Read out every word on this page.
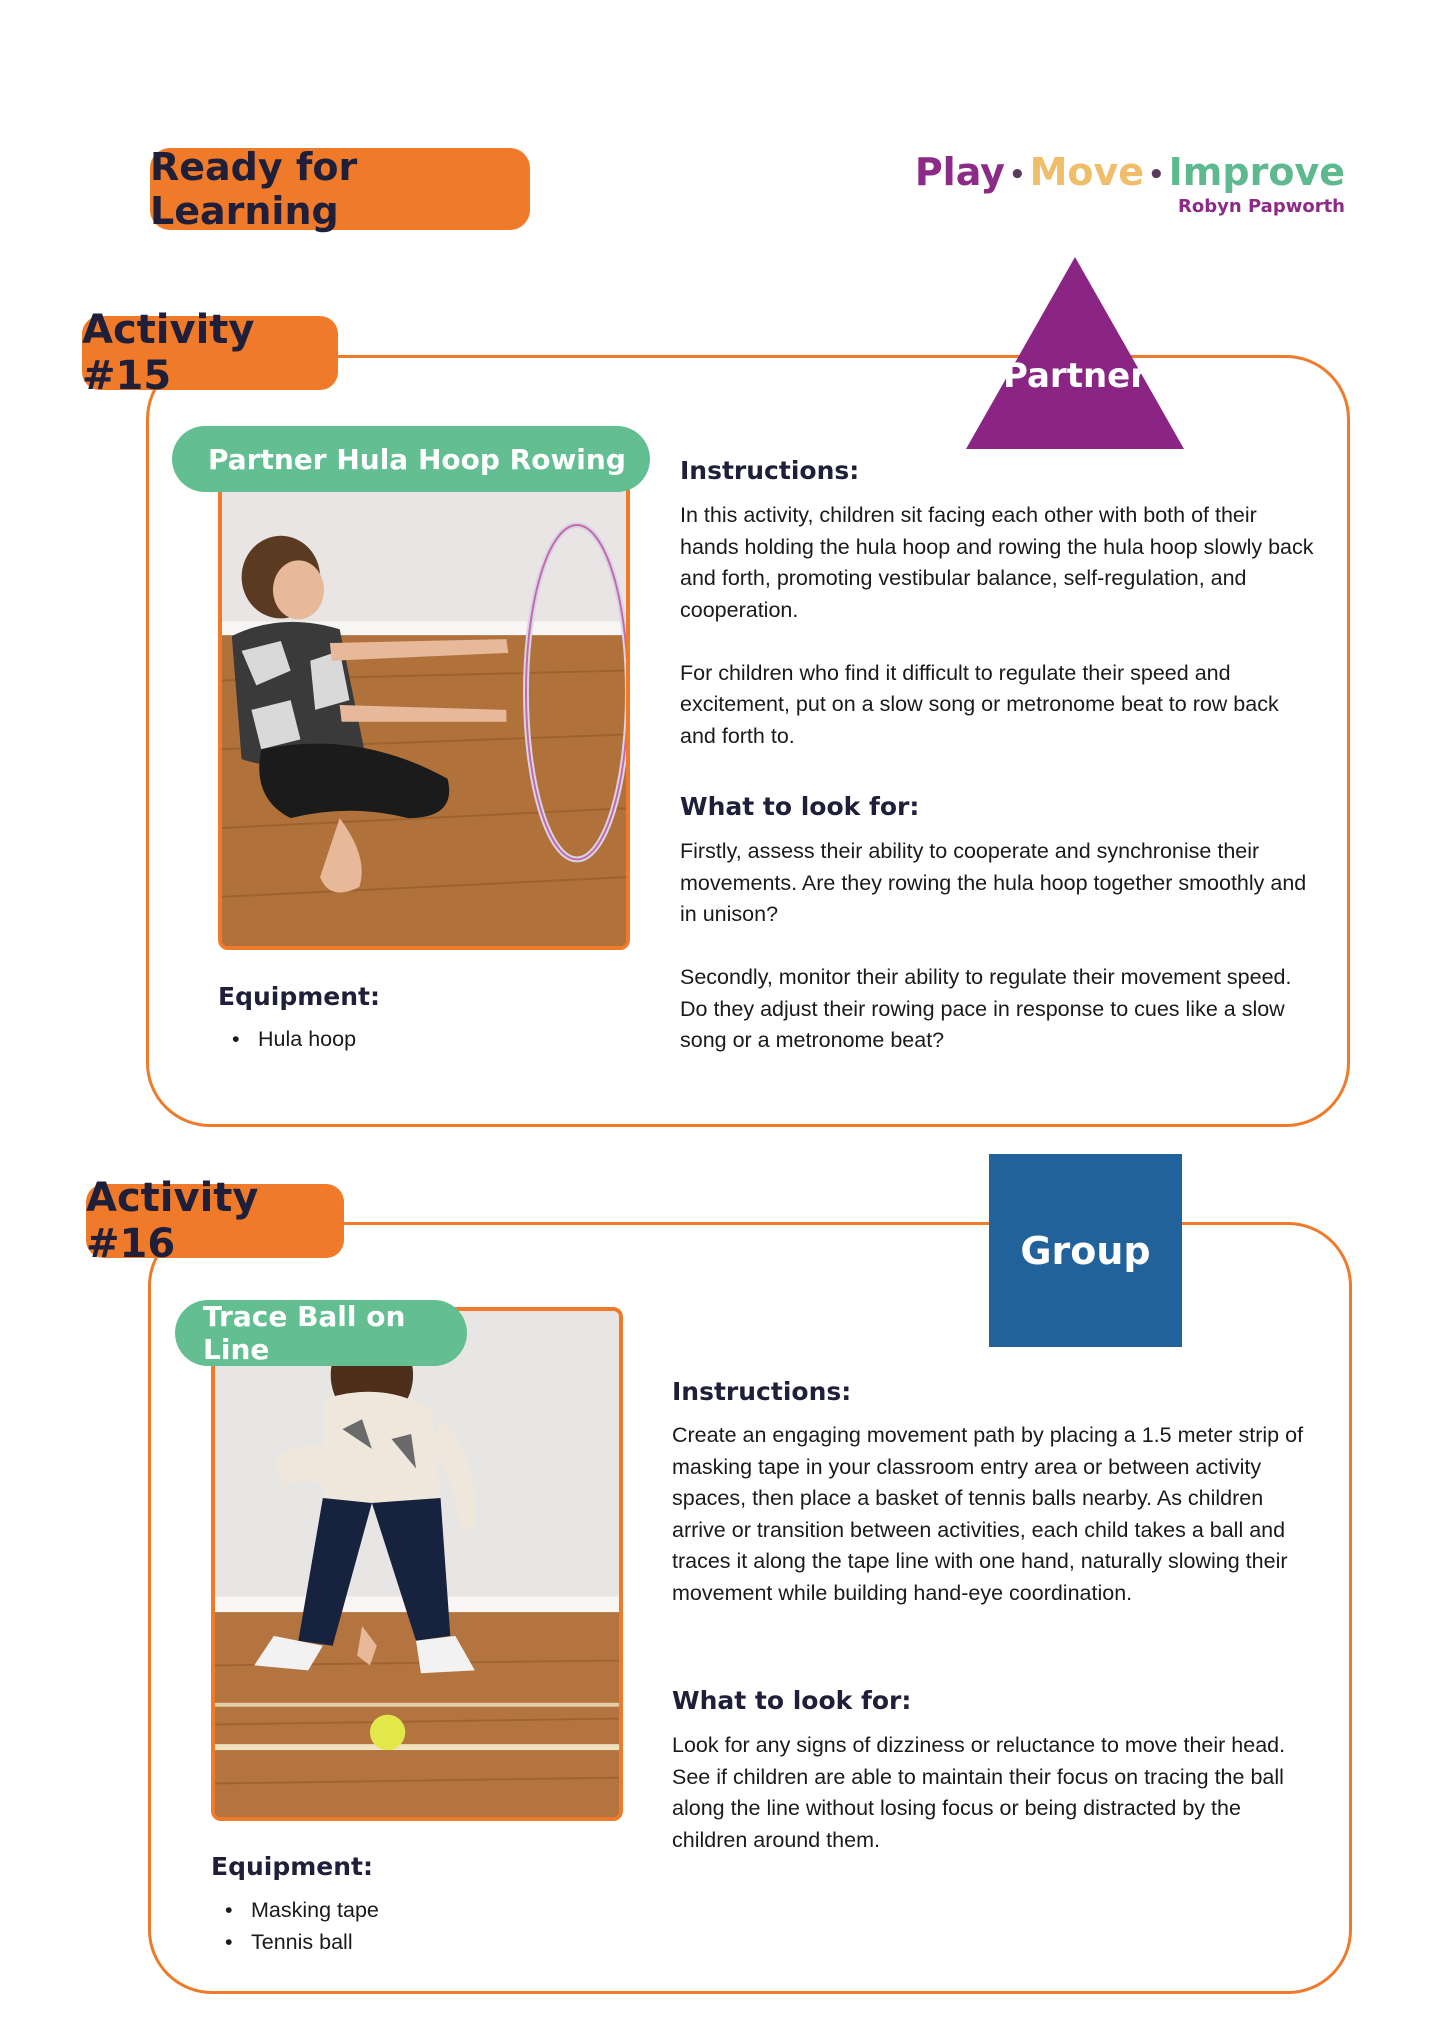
Ready for Learning
Play • Move • Improve
Robyn Papworth
Activity #15	Partner
Partner Hula Hoop Rowing Instructions:

In this activity, children sit facing each other with both of their hands holding the hula hoop and rowing the hula hoop slowly back and forth, promoting vestibular balance, self-regulation, and cooperation.

For children who find it difficult to regulate their speed and excitement, put on a slow song or metronome beat to row back and forth to.

What to look for:

Firstly, assess their ability to cooperate and synchronise their movements. Are they rowing the hula hoop together smoothly and in unison?

Secondly, monitor their ability to regulate their movement speed. Do they adjust their rowing pace in response to cues like a slow song or a metronome beat?

Equipment:
• Hula hoop
Activity #16	Group
Trace Ball on Line
Instructions:

Create an engaging movement path by placing a 1.5 meter strip of masking tape in your classroom entry area or between activity spaces, then place a basket of tennis balls nearby. As children arrive or transition between activities, each child takes a ball and traces it along the tape line with one hand, naturally slowing their movement while building hand-eye coordination.

What to look for:

Look for any signs of dizziness or reluctance to move their head. See if children are able to maintain their focus on tracing the ball along the line without losing focus or being distracted by the children around them.

Equipment:
• Masking tape
• Tennis ball
